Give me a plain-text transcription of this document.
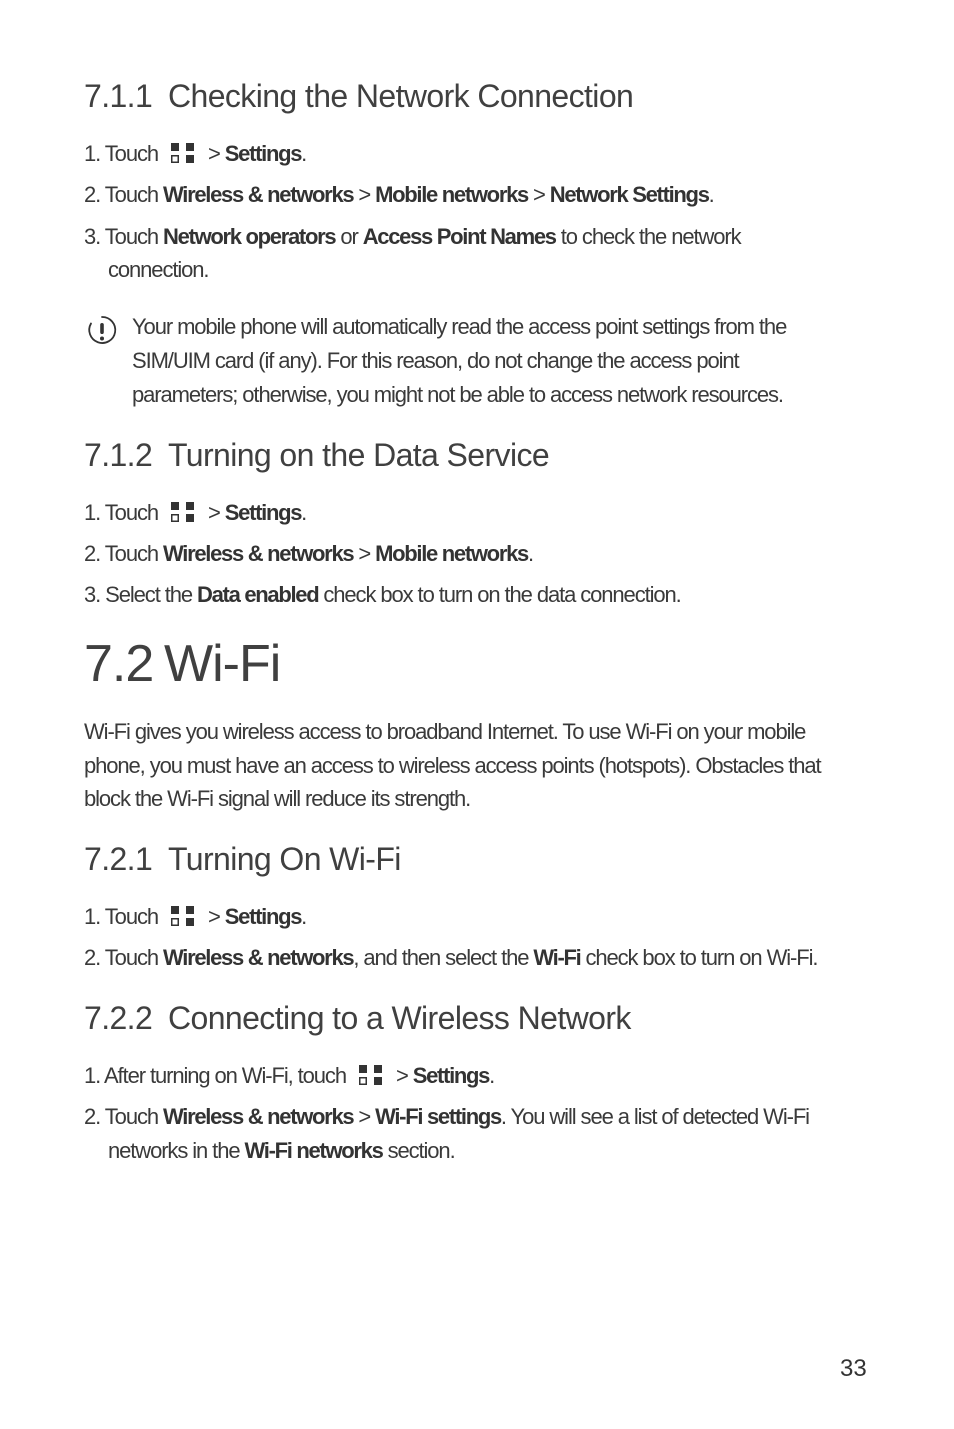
7.1.1 Checking the Network Connection
1. Touch > Settings.
2. Touch Wireless & networks > Mobile networks > Network Settings.
3. Touch Network operators or Access Point Names to check the network
connection.
Your mobile phone will automatically read the access point settings from the
SIM/UIM card (if any). For this reason, do not change the access point
parameters; otherwise, you might not be able to access network resources.
7.1.2 Turning on the Data Service
1. Touch > Settings.
2. Touch Wireless & networks > Mobile networks.
3. Select the Data enabled check box to turn on the data connection.
7.2 Wi-Fi
Wi-Fi gives you wireless access to broadband Internet. To use Wi-Fi on your mobile
phone, you must have an access to wireless access points (hotspots). Obstacles that
block the Wi-Fi signal will reduce its strength.
7.2.1 Turning On Wi-Fi
1. Touch > Settings.
2. Touch Wireless & networks, and then select the Wi-Fi check box to turn on Wi-Fi.
7.2.2 Connecting to a Wireless Network
1. After turning on Wi-Fi, touch > Settings.
2. Touch Wireless & networks > Wi-Fi settings. You will see a list of detected Wi-Fi
networks in the Wi-Fi networks section.
33
